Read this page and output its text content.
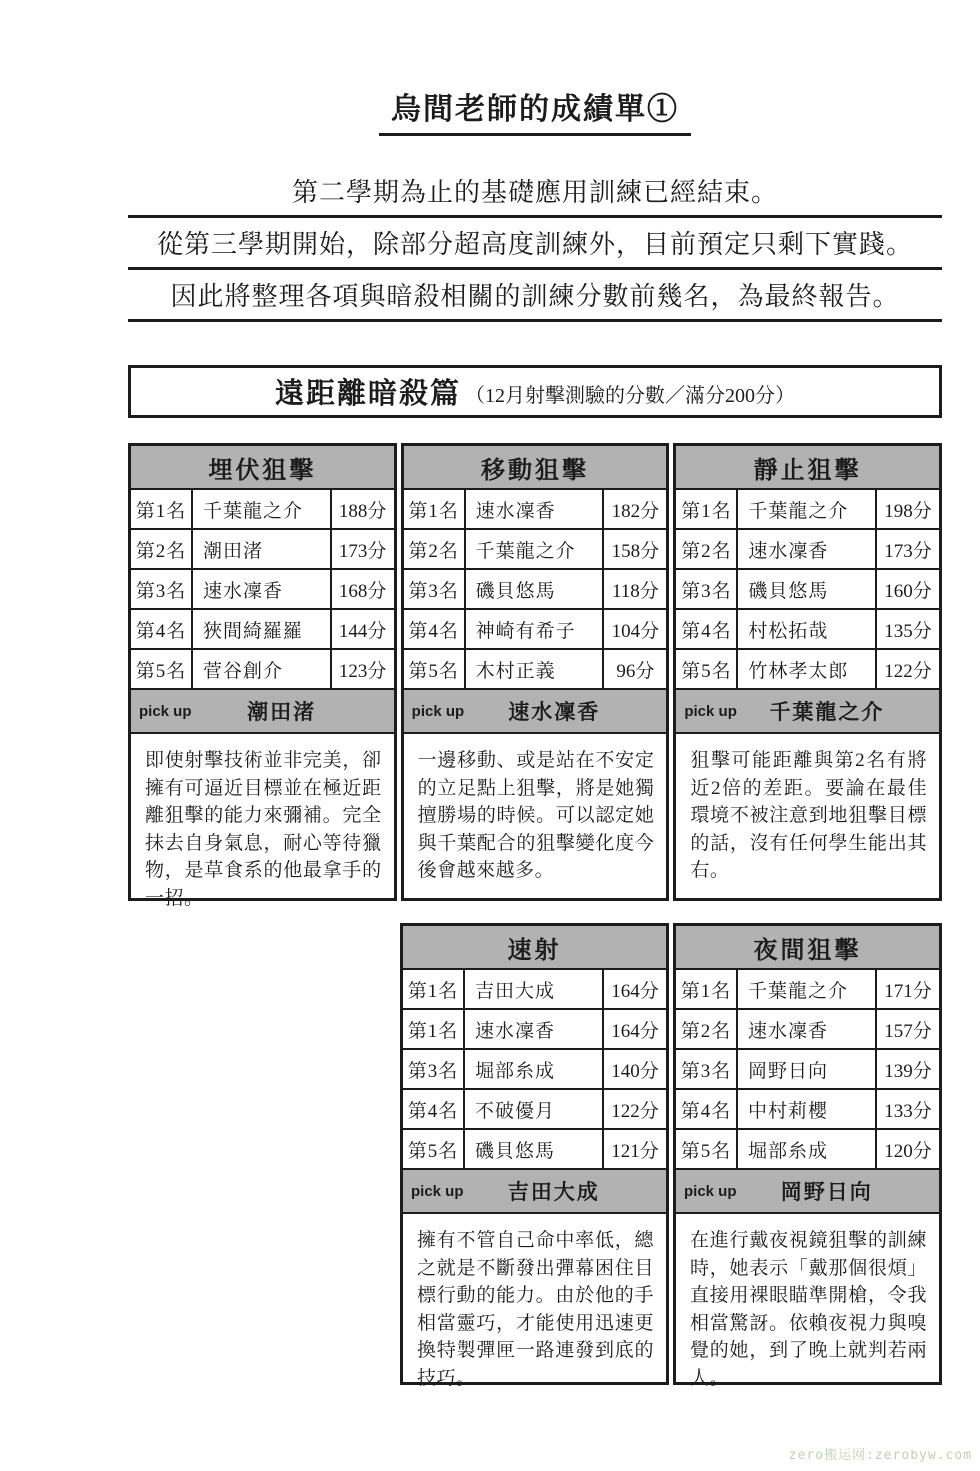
烏間老師的成績單①
第二學期為止的基礎應用訓練已經結束。
從第三學期開始，除部分超高度訓練外，目前預定只剩下實踐。
因此將整理各項與暗殺相關的訓練分數前幾名，為最終報告。
遠距離暗殺篇 （12月射擊測驗的分數／滿分200分）
埋伏狙擊
第1名 千葉龍之介	188分
第2名 潮田渚	173分
第3名 速水凜香	168分
第4名 狹間綺羅羅	144分
第5名 菅谷創介	123分
pick up	潮田渚
即使射擊技術並非完美，卻擁有可逼近目標並在極近距離狙擊的能力來彌補。完全抹去自身氣息，耐心等待獵物，是草食系的他最拿手的一招。
移動狙擊
第1名 速水凜香	182分
第2名 千葉龍之介	158分
第3名 磯貝悠馬	118分
第4名 神崎有希子	104分
第5名 木村正義	96分
pick up	速水凜香
一邊移動、或是站在不安定的立足點上狙擊，將是她獨擅勝場的時候。可以認定她與千葉配合的狙擊變化度今後會越來越多。
靜止狙擊
第1名 千葉龍之介	198分
第2名 速水凜香	173分
第3名 磯貝悠馬	160分
第4名 村松拓哉	135分
第5名 竹林孝太郎	122分
pick up	千葉龍之介
狙擊可能距離與第2名有將近2倍的差距。要論在最佳環境不被注意到地狙擊目標的話，沒有任何學生能出其右。
速射
第1名 吉田大成	164分
第1名 速水凜香	164分
第3名 堀部糸成	140分
第4名 不破優月	122分
第5名 磯貝悠馬	121分
pick up	吉田大成
擁有不管自己命中率低，總之就是不斷發出彈幕困住目標行動的能力。由於他的手相當靈巧，才能使用迅速更換特製彈匣一路連發到底的技巧。
夜間狙擊
第1名 千葉龍之介	171分
第2名 速水凜香	157分
第3名 岡野日向	139分
第4名 中村莉櫻	133分
第5名 堀部糸成	120分
pick up	岡野日向
在進行戴夜視鏡狙擊的訓練時，她表示「戴那個很煩」直接用裸眼瞄準開槍，令我相當驚訝。依賴夜視力與嗅覺的她，到了晚上就判若兩人。
zero搬运网:zerobyw.com
